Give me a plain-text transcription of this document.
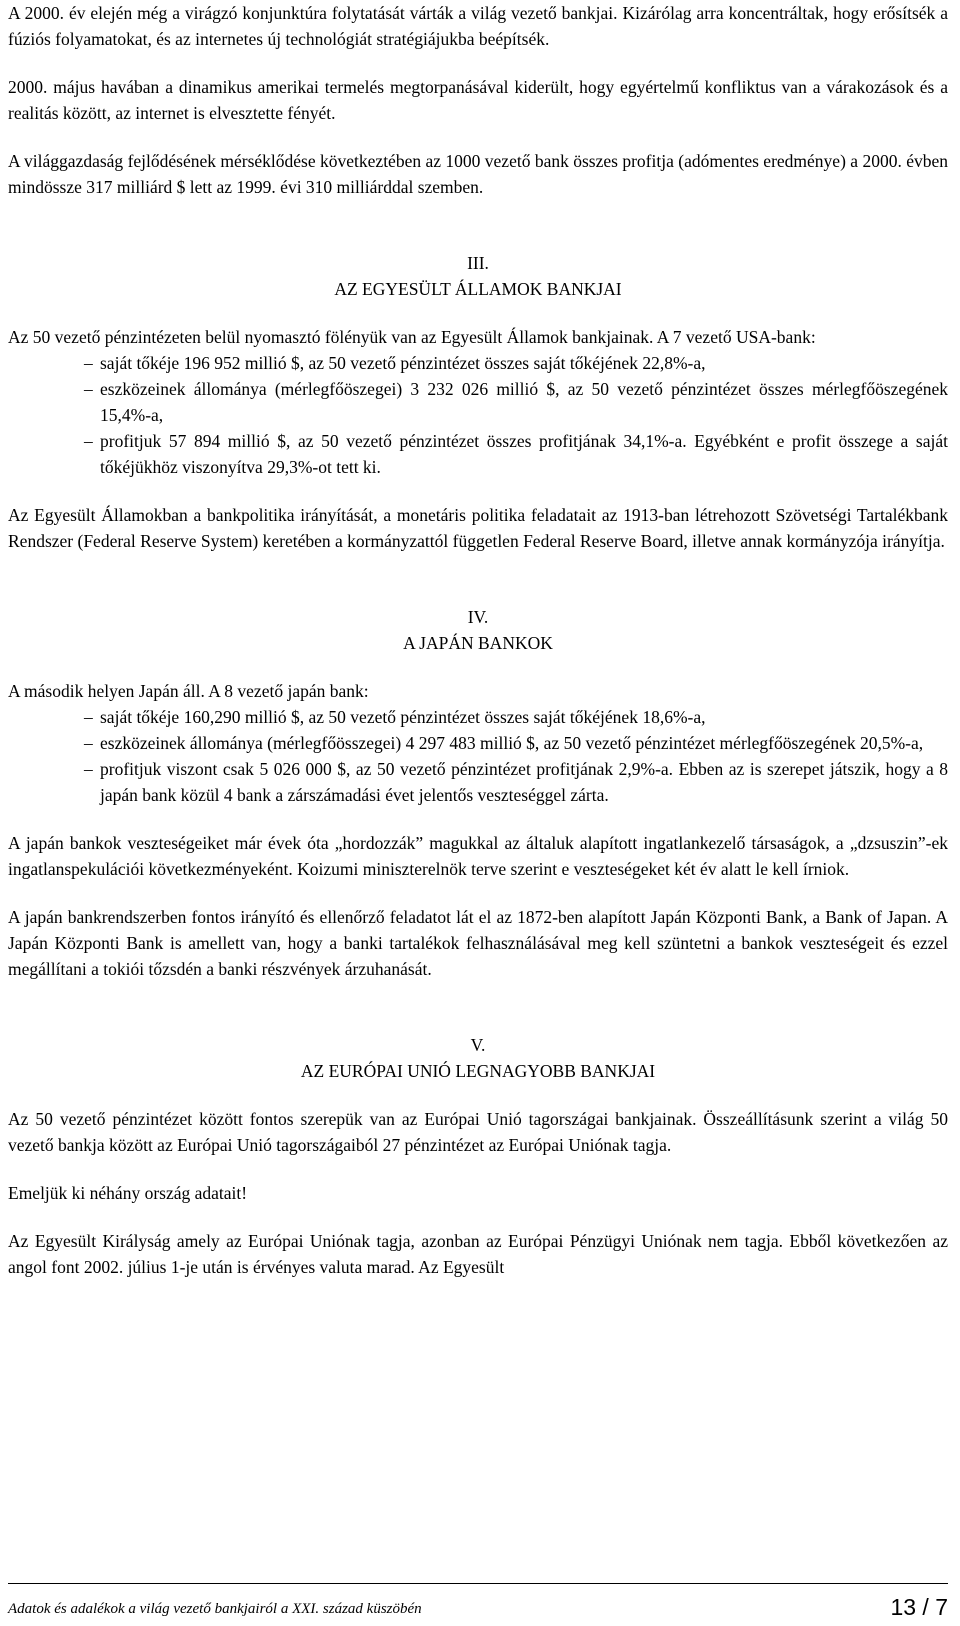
A 2000. év elején még a virágzó konjunktúra folytatását várták a világ vezető bankjai. Kizárólag arra koncentráltak, hogy erősítsék a fúziós folyamatokat, és az internetes új technológiát stratégiájukba beépítsék.

2000. május havában a dinamikus amerikai termelés megtorpanásával kiderült, hogy egyértelmű konfliktus van a várakozások és a realitás között, az internet is elvesztette fényét.

A világgazdaság fejlődésének mérséklődése következtében az 1000 vezető bank összes profitja (adómentes eredménye) a 2000. évben mindössze 317 milliárd $ lett az 1999. évi 310 milliárddal szemben.

III.

AZ EGYESÜLT ÁLLAMOK BANKJAI

Az 50 vezető pénzintézeten belül nyomasztó fölényük van az Egyesült Államok bankjainak. A 7 vezető USA-bank:

– saját tőkéje 196 952 millió $, az 50 vezető pénzintézet összes saját tőkéjének 22,8%-a,
– eszközeinek állománya (mérlegfőöszegei) 3 232 026 millió $, az 50 vezető pénzintézet összes mérlegfőöszegének 15,4%-a,
– profitjuk 57 894 millió $, az 50 vezető pénzintézet összes profitjának 34,1%-a. Egyébként e profit összege a saját tőkéjükhöz viszonyítva 29,3%-ot tett ki.

Az Egyesült Államokban a bankpolitika irányítását, a monetáris politika feladatait az 1913-ban létrehozott Szövetségi Tartalékbank Rendszer (Federal Reserve System) keretében a kormányzattól független Federal Reserve Board, illetve annak kormányzója irányítja.

IV.

A JAPÁN BANKOK

A második helyen Japán áll. A 8 vezető japán bank:

– saját tőkéje 160,290 millió $, az 50 vezető pénzintézet összes saját tőkéjének 18,6%-a,
– eszközeinek állománya (mérlegfőösszegei) 4 297 483 millió $, az 50 vezető pénzintézet mérlegfőöszegének 20,5%-a,
– profitjuk viszont csak 5 026 000 $, az 50 vezető pénzintézet profitjának 2,9%-a. Ebben az is szerepet játszik, hogy a 8 japán bank közül 4 bank a zárszámadási évet jelentős veszteséggel zárta.

A japán bankok veszteségeiket már évek óta „hordozzák” magukkal az általuk alapított ingatlankezelő társaságok, a „dzsuszin”-ek ingatlanspekulációi következményeként. Koizumi miniszterelnök terve szerint e veszteségeket két év alatt le kell írniok.

A japán bankrendszerben fontos irányító és ellenőrző feladatot lát el az 1872-ben alapított Japán Központi Bank, a Bank of Japan. A Japán Központi Bank is amellett van, hogy a banki tartalékok felhasználásával meg kell szüntetni a bankok veszteségeit és ezzel megállítani a tokiói tőzsdén a banki részvények árzuhanását.

V.

AZ EURÓPAI UNIÓ LEGNAGYOBB BANKJAI

Az 50 vezető pénzintézet között fontos szerepük van az Európai Unió tagországai bankjainak. Összeállításunk szerint a világ 50 vezető bankja között az Európai Unió tagországaiból 27 pénzintézet az Európai Uniónak tagja.

Emeljük ki néhány ország adatait!

Az Egyesült Királyság amely az Európai Uniónak tagja, azonban az Európai Pénzügyi Uniónak nem tagja. Ebből következően az angol font 2002. július 1-je után is érvényes valuta marad. Az Egyesült

Adatok és adalékok a világ vezető bankjairól a XXI. század küszöbén	13 / 7
